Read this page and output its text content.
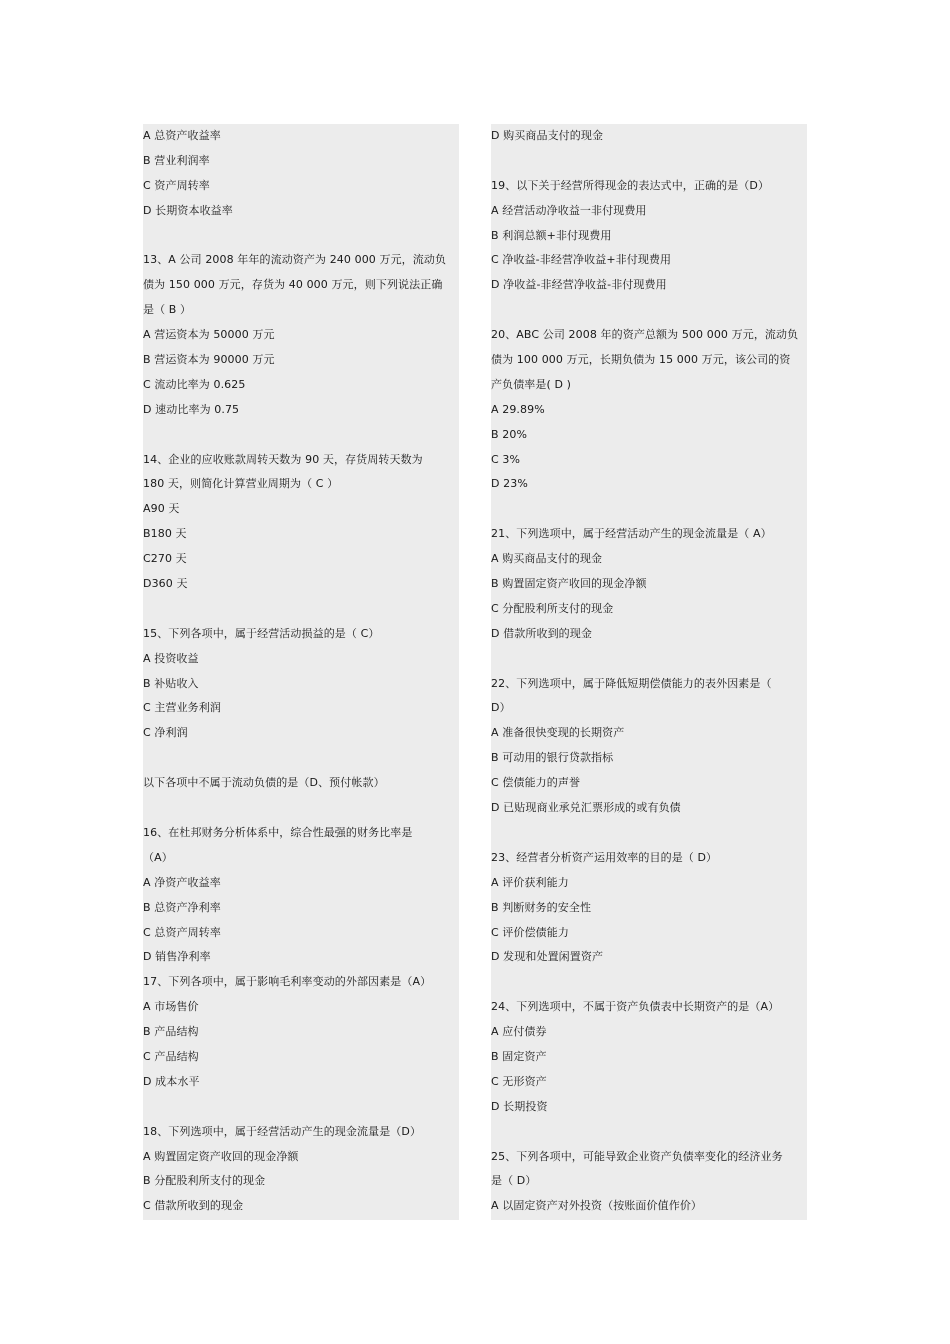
A 总资产收益率
B 营业利润率
C 资产周转率
D 长期资本收益率
13、A 公司 2008 年年的流动资产为 240 000 万元，流动负
债为 150 000 万元，存货为 40 000 万元，则下列说法正确
是（ B ）
A 营运资本为 50000 万元
B 营运资本为 90000 万元
C 流动比率为 0.625
D 速动比率为 0.75
14、企业的应收账款周转天数为 90 天，存货周转天数为
180 天，则简化计算营业周期为（ C ）
A90 天
B180 天
C270 天
D360 天
15、下列各项中，属于经营活动损益的是（ C）
A 投资收益
B 补贴收入
C 主营业务利润
C 净利润
以下各项中不属于流动负债的是（D、预付帐款）
16、在杜邦财务分析体系中，综合性最强的财务比率是
（A）
A 净资产收益率
B 总资产净利率
C 总资产周转率
D 销售净利率
17、下列各项中，属于影响毛利率变动的外部因素是（A）
A 市场售价
B 产品结构
C 产品结构
D 成本水平
18、下列选项中，属于经营活动产生的现金流量是（D）
A 购置固定资产收回的现金净额
B 分配股利所支付的现金
C 借款所收到的现金
D 购买商品支付的现金
19、以下关于经营所得现金的表达式中，正确的是（D）
A 经营活动净收益一非付现费用
B 利润总额+非付现费用
C 净收益-非经营净收益+非付现费用
D 净收益-非经营净收益-非付现费用
20、ABC 公司 2008 年的资产总额为 500 000 万元，流动负
债为 100 000 万元，长期负债为 15 000 万元，该公司的资
产负债率是( D )
A 29.89%
B 20%
C 3%
D 23%
21、下列选项中，属于经营活动产生的现金流量是（ A）
A 购买商品支付的现金
B 购置固定资产收回的现金净额
C 分配股利所支付的现金
D 借款所收到的现金
22、下列选项中，属于降低短期偿债能力的表外因素是（
D）
A 准备很快变现的长期资产
B 可动用的银行贷款指标
C 偿债能力的声誉
D 已贴现商业承兑汇票形成的或有负债
23、经营者分析资产运用效率的目的是（ D）
A 评价获利能力
B 判断财务的安全性
C 评价偿债能力
D 发现和处置闲置资产
24、下列选项中，不属于资产负债表中长期资产的是（A）
A 应付债券
B 固定资产
C 无形资产
D 长期投资
25、下列各项中，可能导致企业资产负债率变化的经济业务
是（ D）
A 以固定资产对外投资（按账面价值作价）
